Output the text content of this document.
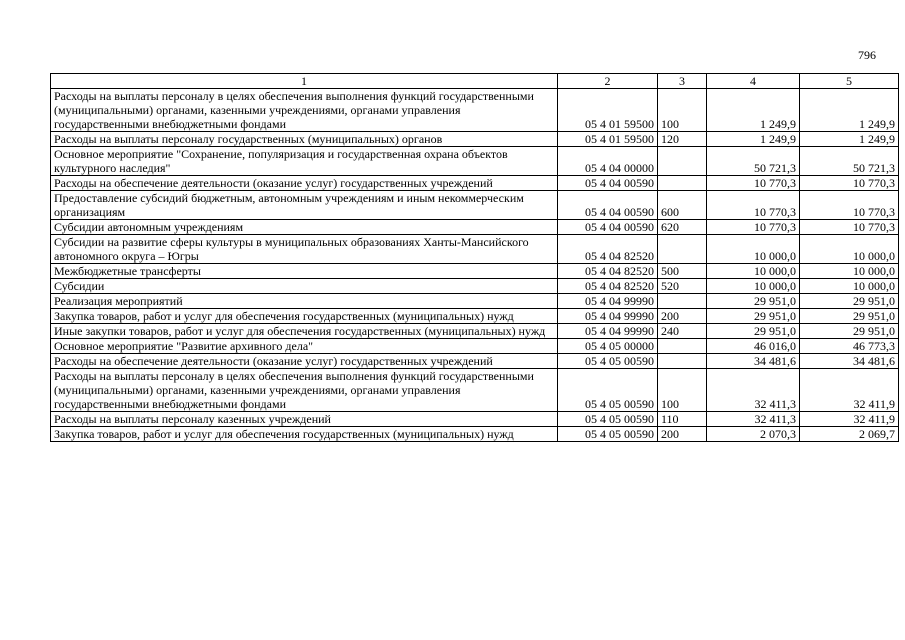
796
1	2	3	4	5
Расходы на выплаты персоналу в целях обеспечения выполнения функций государственными (муниципальными) органами, казенными учреждениями, органами управления государственными внебюджетными фондами	05 4 01 59500	100	1 249,9	1 249,9
Расходы на выплаты персоналу государственных (муниципальных) органов	05 4 01 59500	120	1 249,9	1 249,9
Основное мероприятие "Сохранение, популяризация и государственная охрана объектов культурного наследия"	05 4 04 00000		50 721,3	50 721,3
Расходы на обеспечение деятельности (оказание услуг) государственных учреждений	05 4 04 00590		10 770,3	10 770,3
Предоставление субсидий бюджетным, автономным учреждениям и иным некоммерческим организациям	05 4 04 00590	600	10 770,3	10 770,3
Субсидии автономным учреждениям	05 4 04 00590	620	10 770,3	10 770,3
Субсидии на развитие сферы культуры в муниципальных образованиях Ханты-Мансийского автономного округа – Югры	05 4 04 82520		10 000,0	10 000,0
Межбюджетные трансферты	05 4 04 82520	500	10 000,0	10 000,0
Субсидии	05 4 04 82520	520	10 000,0	10 000,0
Реализация мероприятий	05 4 04 99990		29 951,0	29 951,0
Закупка товаров, работ и услуг для обеспечения государственных (муниципальных) нужд	05 4 04 99990	200	29 951,0	29 951,0
Иные закупки товаров, работ и услуг для обеспечения государственных (муниципальных) нужд	05 4 04 99990	240	29 951,0	29 951,0
Основное мероприятие "Развитие архивного дела"	05 4 05 00000		46 016,0	46 773,3
Расходы на обеспечение деятельности (оказание услуг) государственных учреждений	05 4 05 00590		34 481,6	34 481,6
Расходы на выплаты персоналу в целях обеспечения выполнения функций государственными (муниципальными) органами, казенными учреждениями, органами управления государственными внебюджетными фондами	05 4 05 00590	100	32 411,3	32 411,9
Расходы на выплаты персоналу казенных учреждений	05 4 05 00590	110	32 411,3	32 411,9
Закупка товаров, работ и услуг для обеспечения государственных (муниципальных) нужд	05 4 05 00590	200	2 070,3	2 069,7
